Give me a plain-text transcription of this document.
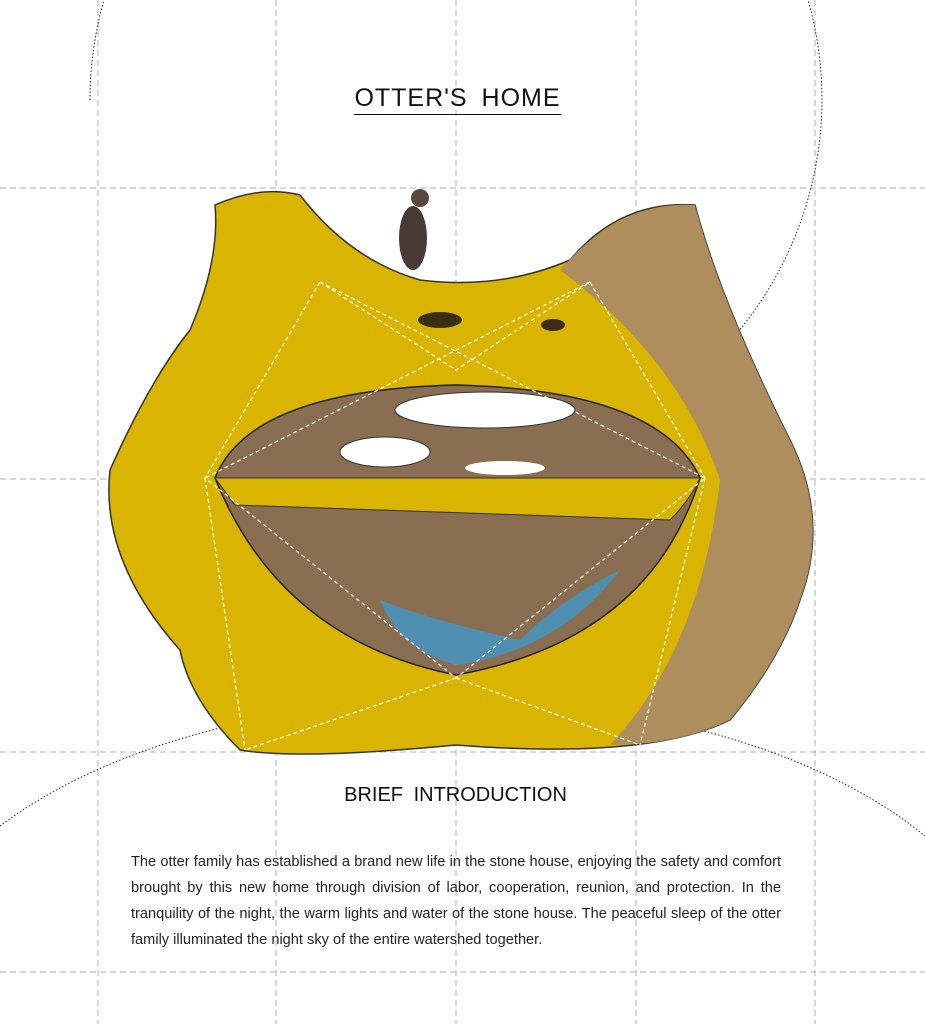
OTTER'S HOME
BRIEF INTRODUCTION
The otter family has established a brand new life in the stone house, enjoying the safety and comfort brought by this new home through division of labor, cooperation, reunion, and protection. In the tranquility of the night, the warm lights and water of the stone house. The peaceful sleep of the otter family illuminated the night sky of the entire watershed together.
